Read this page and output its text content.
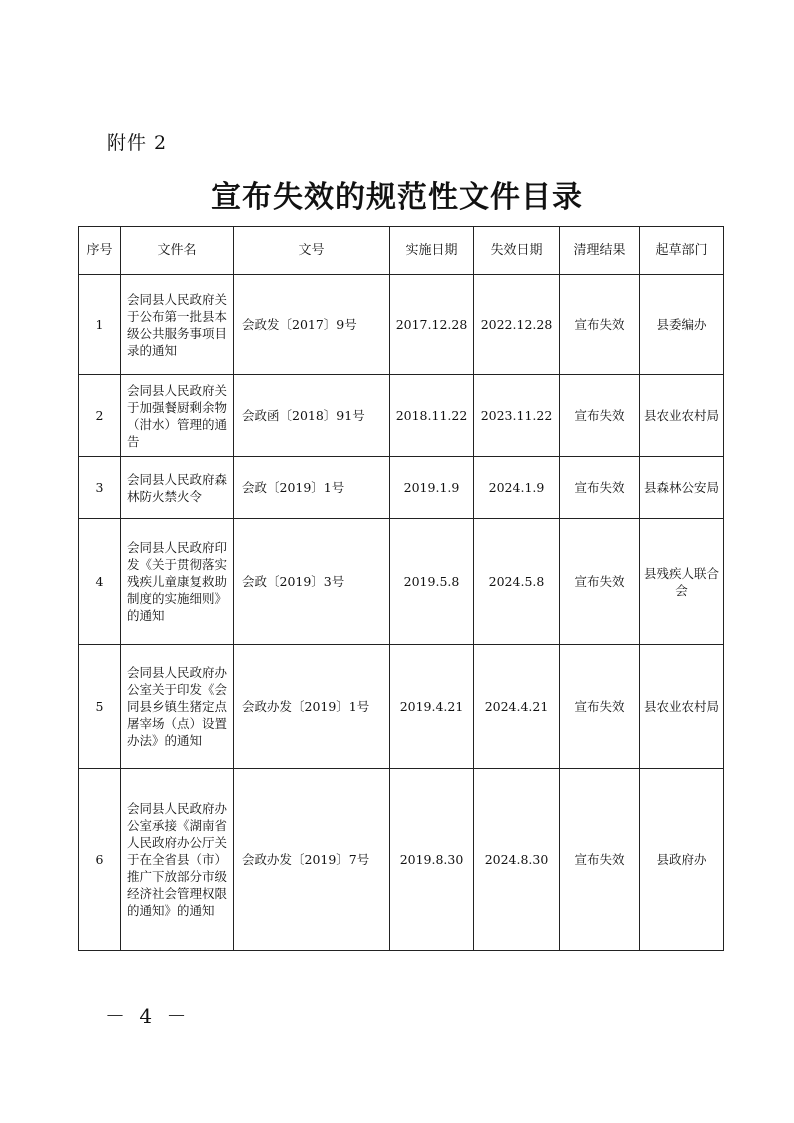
附件 2
宣布失效的规范性文件目录
序号	文件名	文号	实施日期	失效日期	清理结果	起草部门
1	会同县人民政府关于公布第一批县本级公共服务事项目录的通知	会政发〔2017〕9号	2017.12.28	2022.12.28	宣布失效	县委编办
2	会同县人民政府关于加强餐厨剩余物（泔水）管理的通告	会政函〔2018〕91号	2018.11.22	2023.11.22	宣布失效	县农业农村局
3	会同县人民政府森林防火禁火令	会政〔2019〕1号	2019.1.9	2024.1.9	宣布失效	县森林公安局
4	会同县人民政府印发《关于贯彻落实残疾儿童康复救助制度的实施细则》的通知	会政〔2019〕3号	2019.5.8	2024.5.8	宣布失效	县残疾人联合会
5	会同县人民政府办公室关于印发《会同县乡镇生猪定点屠宰场（点）设置办法》的通知	会政办发〔2019〕1号	2019.4.21	2024.4.21	宣布失效	县农业农村局
6	会同县人民政府办公室承接《湖南省人民政府办公厅关于在全省县（市）推广下放部分市级经济社会管理权限的通知》的通知	会政办发〔2019〕7号	2019.8.30	2024.8.30	宣布失效	县政府办
－ 4 －
